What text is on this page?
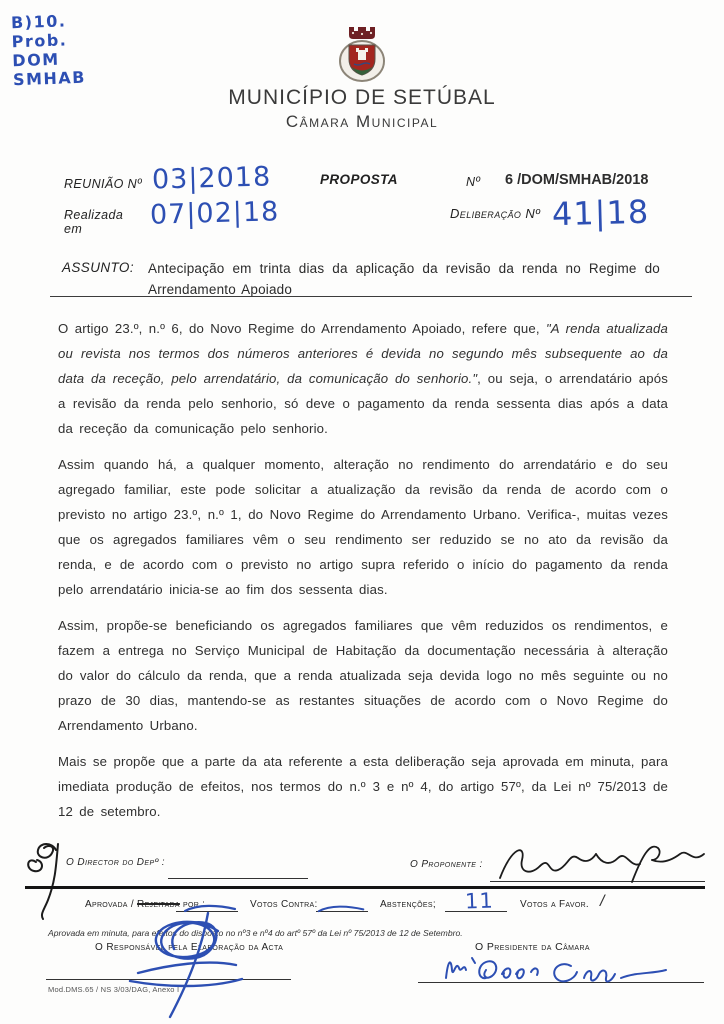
B)10.
Prob.
DOM
SMHAB
MUNICÍPIO DE SETÚBAL
Câmara Municipal
REUNIÃO Nº 03|2018	PROPOSTA	Nº 6 /DOM/SMHAB/2018
Realizada
em	07|02|18	Deliberação Nº 41|18
ASSUNTO: Antecipação em trinta dias da aplicação da revisão da renda no Regime do Arrendamento Apoiado

O artigo 23.º, n.º 6, do Novo Regime do Arrendamento Apoiado, refere que, "A renda atualizada ou revista nos termos dos números anteriores é devida no segundo mês subsequente ao da data da receção, pelo arrendatário, da comunicação do senhorio.", ou seja, o arrendatário após a revisão da renda pelo senhorio, só deve o pagamento da renda sessenta dias após a data da receção da comunicação pelo senhorio.

Assim quando há, a qualquer momento, alteração no rendimento do arrendatário e do seu agregado familiar, este pode solicitar a atualização da revisão da renda de acordo com o previsto no artigo 23.º, n.º 1, do Novo Regime do Arrendamento Urbano. Verifica-, muitas vezes que os agregados familiares vêm o seu rendimento ser reduzido se no ato da revisão da renda, e de acordo com o previsto no artigo supra referido o início do pagamento da renda pelo arrendatário inicia-se ao fim dos sessenta dias.

Assim, propõe-se beneficiando os agregados familiares que vêm reduzidos os rendimentos, e fazem a entrega no Serviço Municipal de Habitação da documentação necessária à alteração do valor do cálculo da renda, que a renda atualizada seja devida logo no mês seguinte ou no prazo de 30 dias, mantendo-se as restantes situações de acordo com o Novo Regime do Arrendamento Urbano.

Mais se propõe que a parte da ata referente a esta deliberação seja aprovada em minuta, para imediata produção de efeitos, nos termos do n.º 3 e nº 4, do artigo 57º, da Lei nº 75/2013 de 12 de setembro.

O Director do Depº :	O Proponente :
Aprovada / Rejeitada por :	Votos Contra:	Abstenções; 11	Votos a Favor. /
Aprovada em minuta, para efeitos do disposto no nº3 e nº4 do artº 57º da Lei nº 75/2013 de 12 de Setembro.
O Responsável pela Elaboração da Acta
Mod.DMS.65 / NS 3/03/DAG, Anexo I
O Presidente da Câmara
